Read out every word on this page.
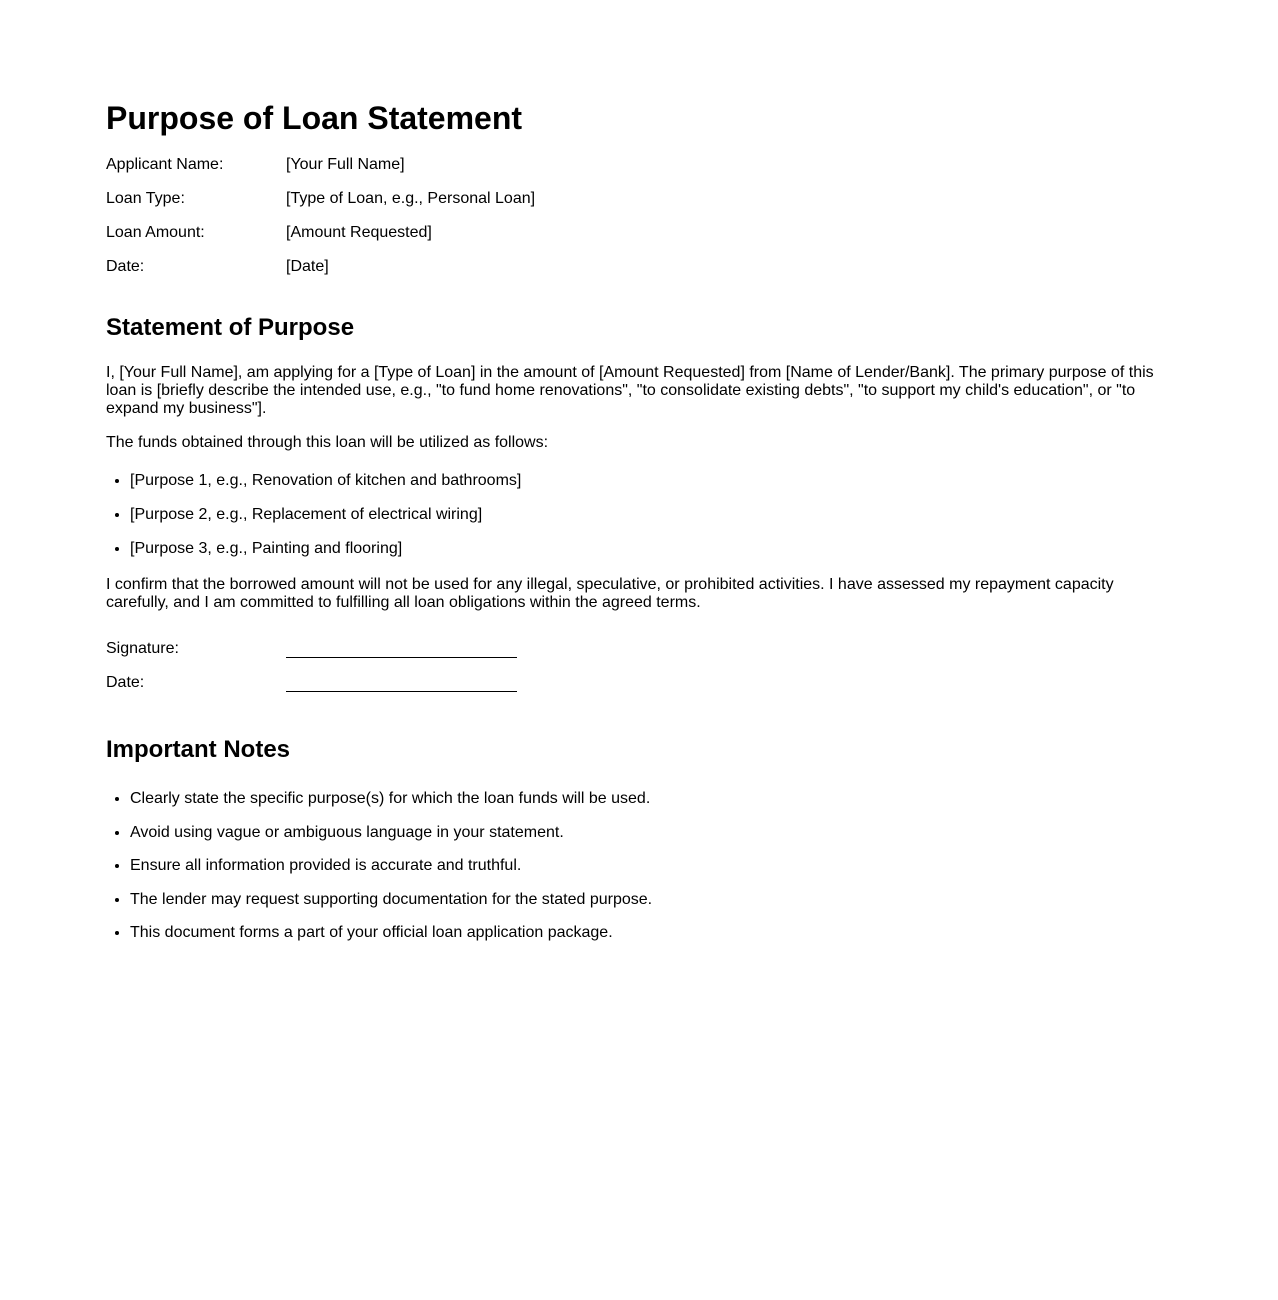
Purpose of Loan Statement
Applicant Name:	[Your Full Name]
Loan Type:	[Type of Loan, e.g., Personal Loan]
Loan Amount:	[Amount Requested]
Date:	[Date]
Statement of Purpose

I, [Your Full Name], am applying for a [Type of Loan] in the amount of [Amount Requested] from [Name of Lender/Bank]. The primary purpose of this loan is [briefly describe the intended use, e.g., "to fund home renovations", "to consolidate existing debts", "to support my child's education", or "to expand my business"].

The funds obtained through this loan will be utilized as follows:

• [Purpose 1, e.g., Renovation of kitchen and bathrooms]
• [Purpose 2, e.g., Replacement of electrical wiring]
• [Purpose 3, e.g., Painting and flooring]

I confirm that the borrowed amount will not be used for any illegal, speculative, or prohibited activities. I have assessed my repayment capacity carefully, and I am committed to fulfilling all loan obligations within the agreed terms.

Signature:
Date:
Important Notes
• Clearly state the specific purpose(s) for which the loan funds will be used.
• Avoid using vague or ambiguous language in your statement.
• Ensure all information provided is accurate and truthful.
• The lender may request supporting documentation for the stated purpose.
• This document forms a part of your official loan application package.
